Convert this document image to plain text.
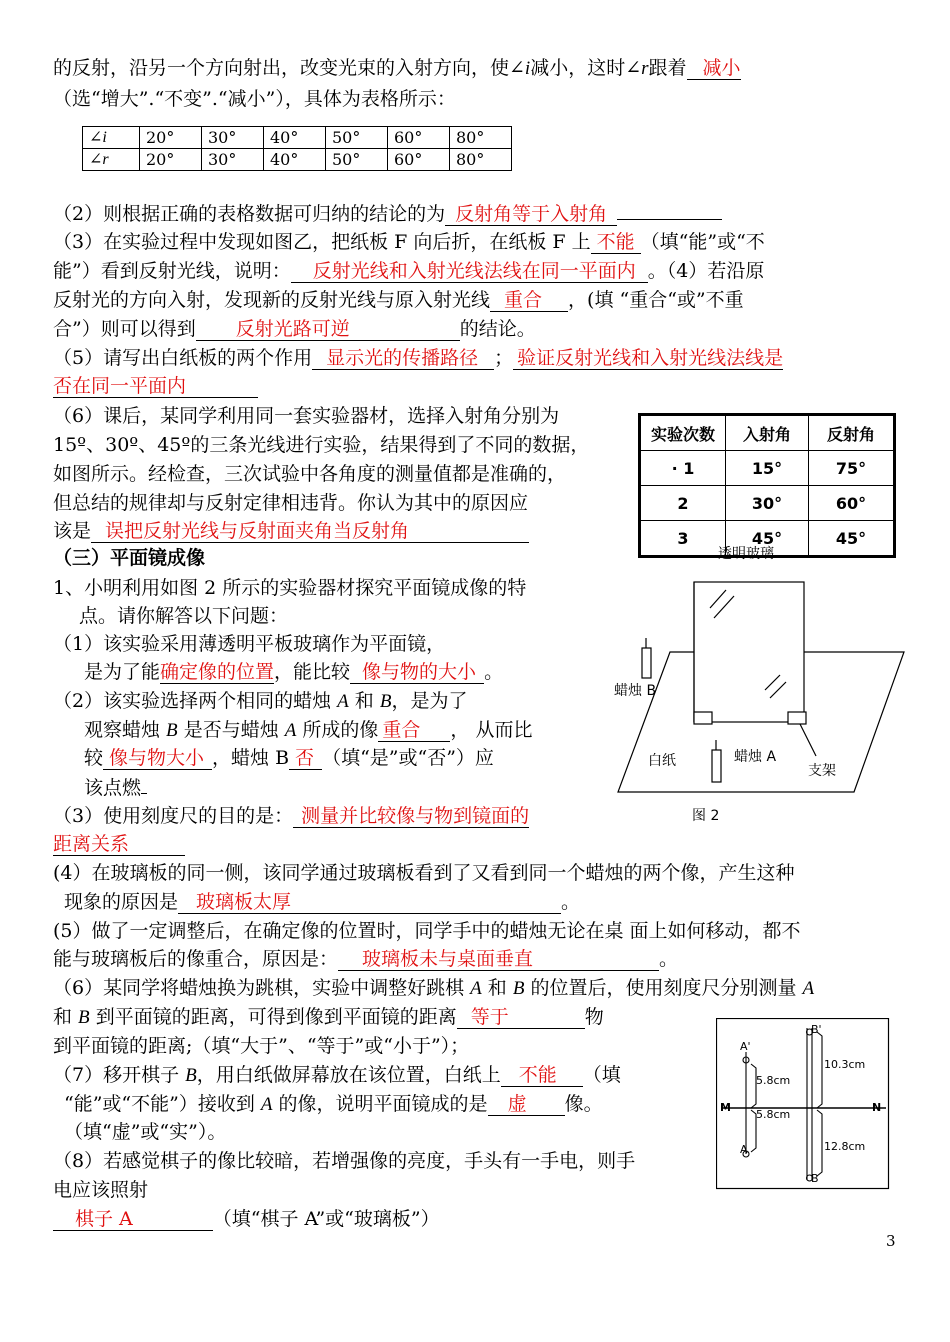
的反射，沿另一个方向射出，改变光束的入射方向，使∠i减小，这时∠r跟着 减小
（选“增大”.“不变”.“减小”），具体为表格所示：
∠i	20°	30°	40°	50°	60°	80°
∠r	20°	30°	40°	50°	60°	80°
（2）则根据正确的表格数据可归纳的结论的为 反射角等于入射角
（3）在实验过程中发现如图乙，把纸板 F 向后折，在纸板 F 上 不能 （填“能”或“不
能”）看到反射光线，说明： 反射光线和入射光线法线在同一平面内 。（4）若沿原
反射光的方向入射，发现新的反射光线与原入射光线 重合 ，(填 “重合“或”不重
合”）则可以得到 反射光路可逆	的结论。
（5）请写出白纸板的两个作用 显示光的传播路径 ； 验证反射光线和入射光线法线是
否在同一平面内
（6）课后，某同学利用同一套实验器材，选择入射角分别为
15º、30º、45º的三条光线进行实验，结果得到了不同的数据，
如图所示。经检查，三次试验中各角度的测量值都是准确的，
但总结的规律却与反射定律相违背。你认为其中的原因应
该是 误把反射光线与反射面夹角当反射角
实验次数	入射角	反射角
· 1	15°	75°
2	30°	60°
3	45°	45°
（三）平面镜成像	透明玻璃
蜡烛 B
蜡烛 A
白纸
支架
图 2
1、小明利用如图 2 所示的实验器材探究平面镜成像的特
点。请你解答以下问题：
（1）该实验采用薄透明平板玻璃作为平面镜，
是为了能确定像的位置，能比较 像与物的大小 。
（2）该实验选择两个相同的蜡烛 A 和 B，是为了
观察蜡烛 B 是否与蜡烛 A 所成的像 重合 ， 从而比
较 像与物大小 ，蜡烛 B 否 （填“是”或“否”）应
该点燃
（3）使用刻度尺的目的是： 测量并比较像与物到镜面的
距离关系
(4）在玻璃板的同一侧，该同学通过玻璃板看到了又看到同一个蜡烛的两个像，产生这种
现象的原因是 玻璃板太厚	。
(5）做了一定调整后，在确定像的位置时，同学手中的蜡烛无论在桌 面上如何移动，都不
能与玻璃板后的像重合，原因是： 玻璃板未与桌面垂直	。
（6）某同学将蜡烛换为跳棋，实验中调整好跳棋 A 和 B 的位置后，使用刻度尺分别测量 A
和 B 到平面镜的距离，可得到像到平面镜的距离 等于	物
到平面镜的距离;（填“大于”、“等于”或“小于”）；
（7）移开棋子 B，用白纸做屏幕放在该位置，白纸上 不能 （填
“能”或“不能”）接收到 A 的像，说明平面镜成的是 虚 像。
（填“虚”或“实”）。
（8）若感觉棋子的像比较暗，若增强像的亮度，手头有一手电，则手
电应该照射
棋子 A	（填“棋子 A”或“玻璃板”）
A'
B'
A
B
M	N
5.8cm
5.8cm
10.3cm
12.8cm
3
